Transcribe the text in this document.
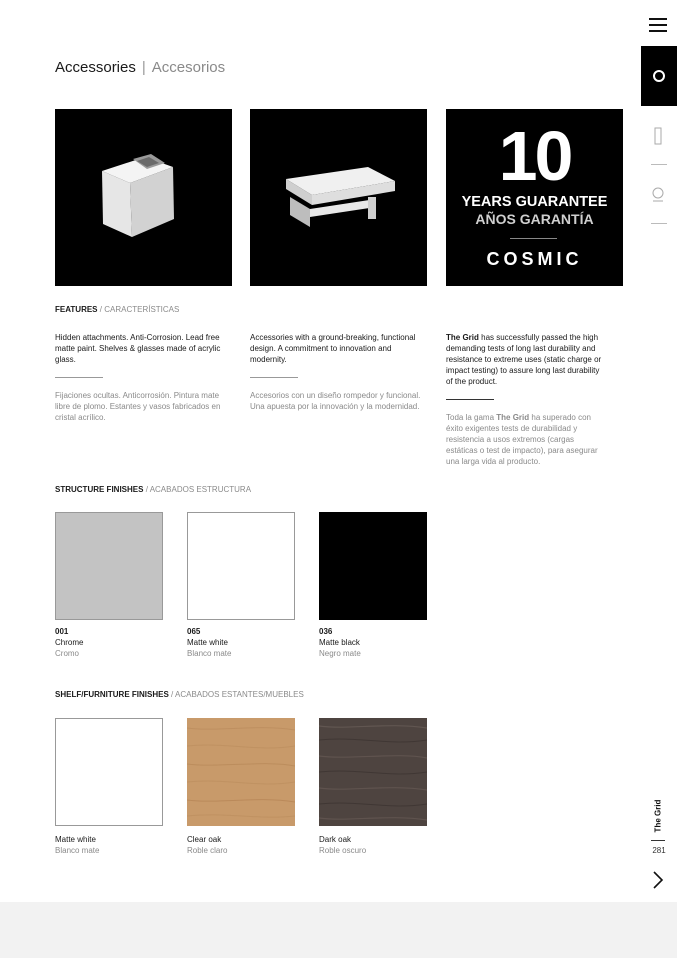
Accessories | Accesorios
10
YEARS GUARANTEE
AÑOS GARANTÍA
COSMIC
FEATURES / CARACTERÍSTICAS
Hidden attachments. Anti-Corrosion. Lead free matte paint. Shelves & glasses made of acrylic glass.
Fijaciones ocultas. Anticorrosión. Pintura mate libre de plomo. Estantes y vasos fabricados en cristal acrílico.
Accessories with a ground-breaking, functional design. A commitment to innovation and modernity.
Accesorios con un diseño rompedor y funcional. Una apuesta por la innovación y la modernidad.
The Grid has successfully passed the high demanding tests of long last durability and resistance to extreme uses (static charge or impact testing) to assure long last durability of the product.
Toda la gama The Grid ha superado con éxito exigentes tests de durabilidad y resistencia a usos extremos (cargas estáticas o test de impacto), para asegurar una larga vida al producto.
STRUCTURE FINISHES / ACABADOS ESTRUCTURA
001
Chrome
Cromo
065
Matte white
Blanco mate
036
Matte black
Negro mate
SHELF/FURNITURE FINISHES / ACABADOS ESTANTES/MUEBLES
Matte white
Blanco mate
Clear oak
Roble claro
Dark oak
Roble oscuro
The Grid
281
